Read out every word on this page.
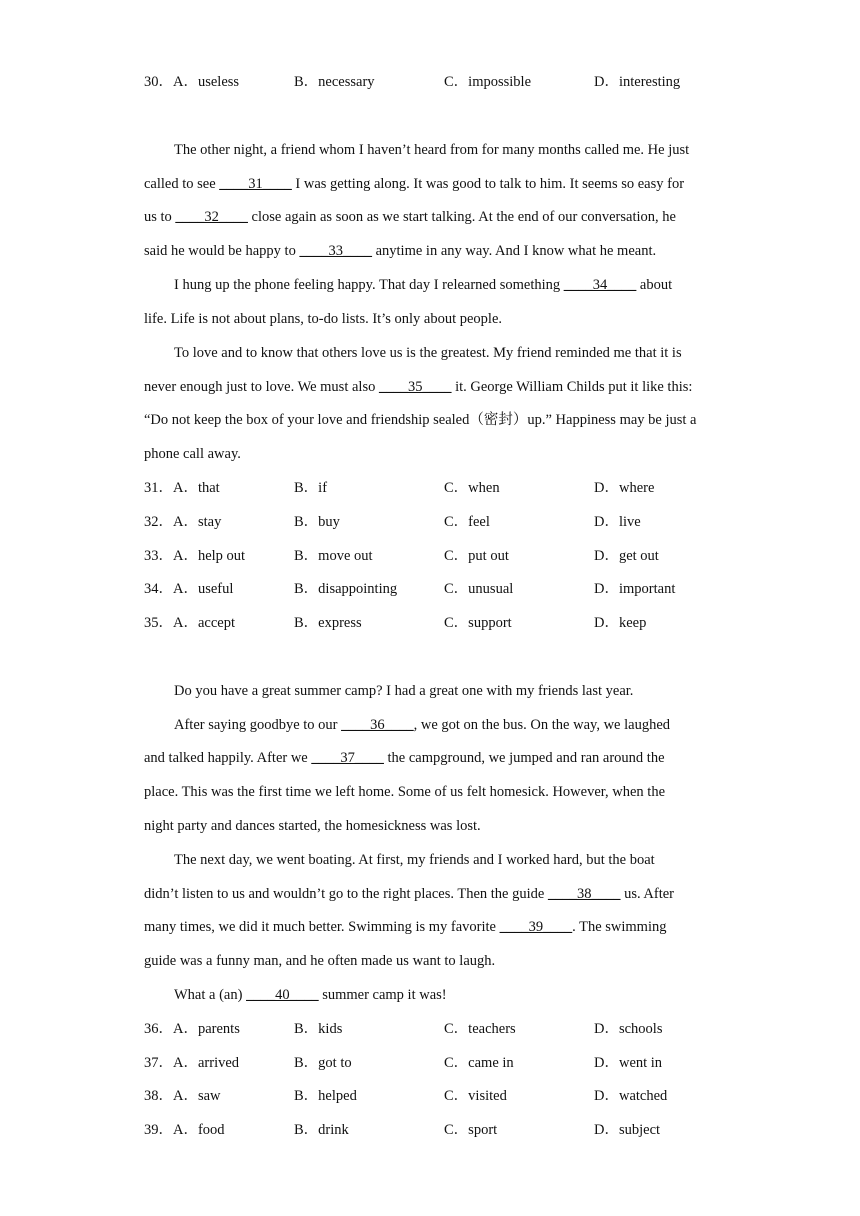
30．A．useless	B．necessary	C．impossible	D．interesting
The other night, a friend whom I haven’t heard from for many months called me. He just
called to see ____31____ I was getting along. It was good to talk to him. It seems so easy for
us to ____32____ close again as soon as we start talking. At the end of our conversation, he
said he would be happy to ____33____ anytime in any way. And I know what he meant.
I hung up the phone feeling happy. That day I relearned something ____34____ about
life. Life is not about plans, to-do lists. It’s only about people.
To love and to know that others love us is the greatest. My friend reminded me that it is
never enough just to love. We must also ____35____ it. George William Childs put it like this:
“Do not keep the box of your love and friendship sealed（密封）up.” Happiness may be just a
phone call away.
31．A．that	B．if	C．when	D．where
32．A．stay	B．buy	C．feel	D．live
33．A．help out	B．move out	C．put out	D．get out
34．A．useful	B．disappointing	C．unusual	D．important
35．A．accept	B．express	C．support	D．keep
Do you have a great summer camp? I had a great one with my friends last year.
After saying goodbye to our ____36____, we got on the bus. On the way, we laughed
and talked happily. After we ____37____ the campground, we jumped and ran around the
place. This was the first time we left home. Some of us felt homesick. However, when the
night party and dances started, the homesickness was lost.
The next day, we went boating. At first, my friends and I worked hard, but the boat
didn’t listen to us and wouldn’t go to the right places. Then the guide ____38____ us. After
many times, we did it much better. Swimming is my favorite ____39____. The swimming
guide was a funny man, and he often made us want to laugh.
What a (an) ____40____ summer camp it was!
36．A．parents	B．kids	C．teachers	D．schools
37．A．arrived	B．got to	C．came in	D．went in
38．A．saw	B．helped	C．visited	D．watched
39．A．food	B．drink	C．sport	D．subject
